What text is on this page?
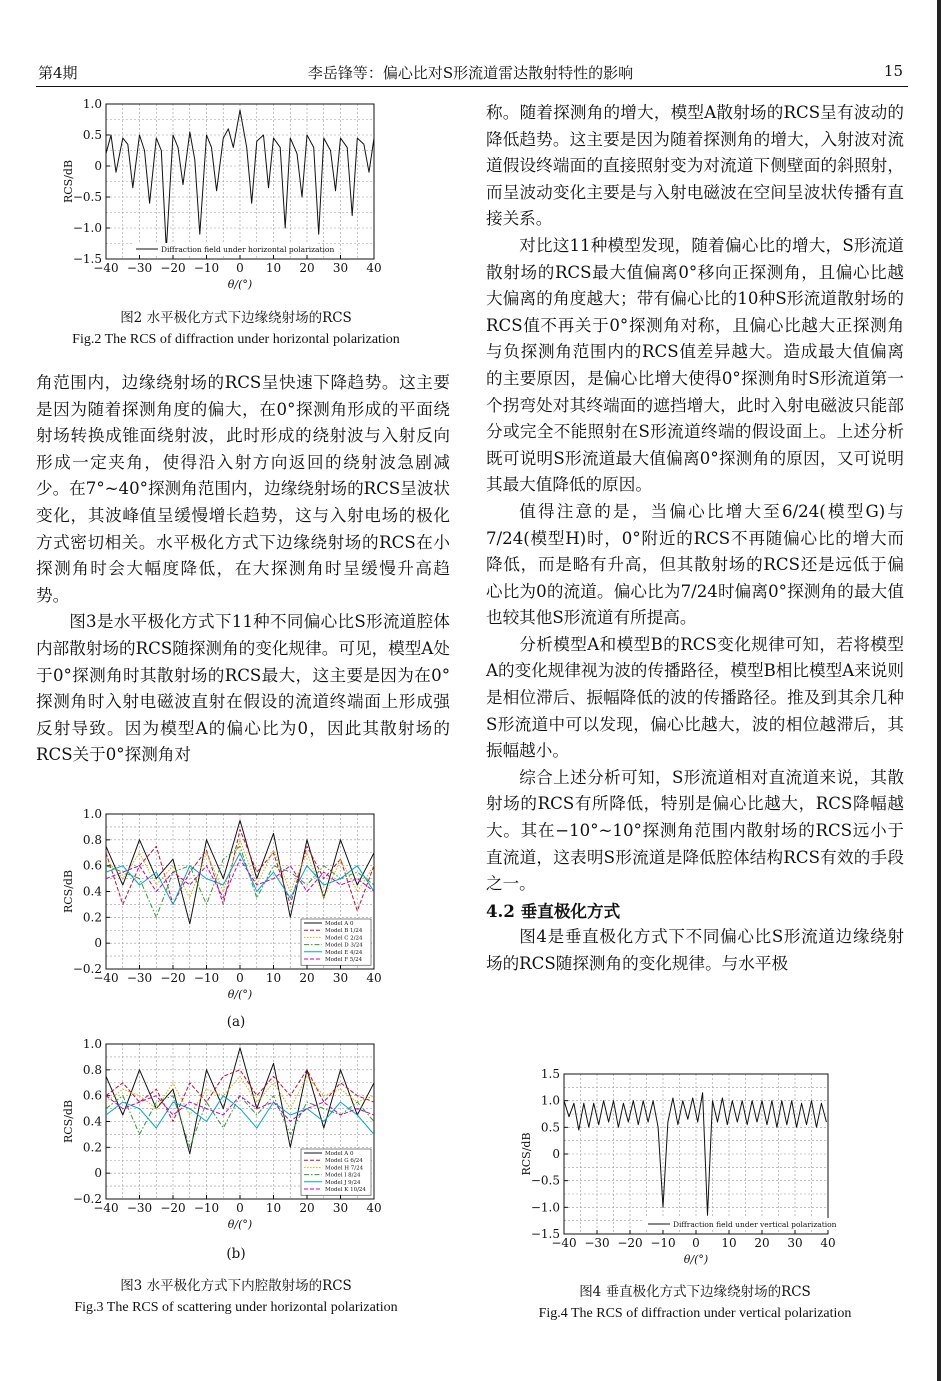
第4期	李岳锋等：偏心比对S形流道雷达散射特性的影响	15
−40 −30 −20 −10 0 10 20 30 40
−1.5
−1.0
−0.5
0
0.5
1.0
θ/(°)
RCS/dB
Diffraction field under horizontal polarization
图2 水平极化方式下边缘绕射场的RCS
Fig.2 The RCS of diffraction under horizontal polarization

角范围内，边缘绕射场的RCS呈快速下降趋势。这主要是因为随着探测角度的偏大，在0°探测角形成的平面绕射场转换成锥面绕射波，此时形成的绕射波与入射反向形成一定夹角，使得沿入射方向返回的绕射波急剧减少。在7°~40°探测角范围内，边缘绕射场的RCS呈波状变化，其波峰值呈缓慢增长趋势，这与入射电场的极化方式密切相关。水平极化方式下边缘绕射场的RCS在小探测角时会大幅度降低，在大探测角时呈缓慢升高趋势。

图3是水平极化方式下11种不同偏心比S形流道腔体内部散射场的RCS随探测角的变化规律。可见，模型A处于0°探测角时其散射场的RCS最大，这主要是因为在0°探测角时入射电磁波直射在假设的流道终端面上形成强反射导致。因为模型A的偏心比为0，因此其散射场的RCS关于0°探测角对

−40 −30 −20 −10 0 10 20 30 40
−0.2
0
0.2
0.4
0.6
0.8
1.0
θ/(°)
RCS/dB
Model A 0
Model B 1/24
Model C 2/24
Model D 3/24
Model E 4/24
Model F 5/24
(a)
−40 −30 −20 −10 0 10 20 30 40
−0.2
0
0.2
0.4
0.6
0.8
1.0
θ/(°)
RCS/dB
Model A 0
Model G 6/24
Model H 7/24
Model I 8/24
Model J 9/24
Model K 10/24
(b)
图3 水平极化方式下内腔散射场的RCS
Fig.3 The RCS of scattering under horizontal polarization

称。随着探测角的增大，模型A散射场的RCS呈有波动的降低趋势。这主要是因为随着探测角的增大，入射波对流道假设终端面的直接照射变为对流道下侧壁面的斜照射，而呈波动变化主要是与入射电磁波在空间呈波状传播有直接关系。

对比这11种模型发现，随着偏心比的增大，S形流道散射场的RCS最大值偏离0°移向正探测角，且偏心比越大偏离的角度越大；带有偏心比的10种S形流道散射场的RCS值不再关于0°探测角对称，且偏心比越大正探测角与负探测角范围内的RCS值差异越大。造成最大值偏离的主要原因，是偏心比增大使得0°探测角时S形流道第一个拐弯处对其终端面的遮挡增大，此时入射电磁波只能部分或完全不能照射在S形流道终端的假设面上。上述分析既可说明S形流道最大值偏离0°探测角的原因，又可说明其最大值降低的原因。

值得注意的是，当偏心比增大至6/24(模型G)与7/24(模型H)时，0°附近的RCS不再随偏心比的增大而降低，而是略有升高，但其散射场的RCS还是远低于偏心比为0的流道。偏心比为7/24时偏离0°探测角的最大值也较其他S形流道有所提高。

分析模型A和模型B的RCS变化规律可知，若将模型A的变化规律视为波的传播路径，模型B相比模型A来说则是相位滞后、振幅降低的波的传播路径。推及到其余几种S形流道中可以发现，偏心比越大，波的相位越滞后，其振幅越小。

综合上述分析可知，S形流道相对直流道来说，其散射场的RCS有所降低，特别是偏心比越大，RCS降幅越大。其在−10°~10°探测角范围内散射场的RCS远小于直流道，这表明S形流道是降低腔体结构RCS有效的手段之一。

4.2 垂直极化方式

图4是垂直极化方式下不同偏心比S形流道边缘绕射场的RCS随探测角的变化规律。与水平极

−40 −30 −20 −10 0 10 20 30 40
−1.5
−1.0
−0.5
0
0.5
1.0
1.5
θ/(°)
RCS/dB
Diffraction field under vertical polarization
图4 垂直极化方式下边缘绕射场的RCS
Fig.4 The RCS of diffraction under vertical polarization
